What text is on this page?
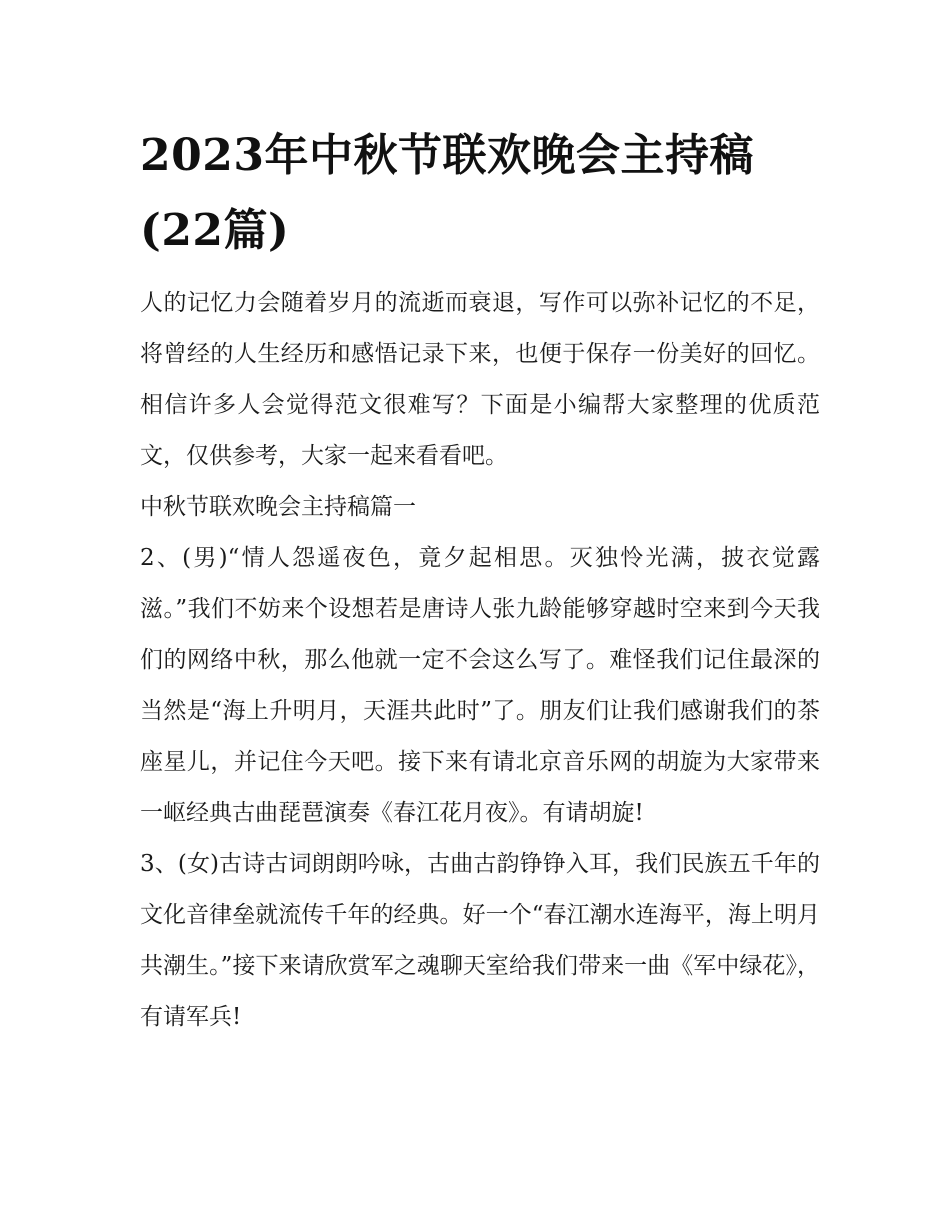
2023年中秋节联欢晚会主持稿(22篇)

人的记忆力会随着岁月的流逝而衰退，写作可以弥补记忆的不足，将曾经的人生经历和感悟记录下来，也便于保存一份美好的回忆。相信许多人会觉得范文很难写？下面是小编帮大家整理的优质范文，仅供参考，大家一起来看看吧。

中秋节联欢晚会主持稿篇一

2、(男)“情人怨遥夜色，竟夕起相思。灭独怜光满，披衣觉露滋。”我们不妨来个设想若是唐诗人张九龄能够穿越时空来到今天我们的网络中秋，那么他就一定不会这么写了。难怪我们记住最深的当然是“海上升明月，天涯共此时”了。朋友们让我们感谢我们的茶座星儿，并记住今天吧。接下来有请北京音乐网的胡旋为大家带来一岖经典古曲琵琶演奏《春江花月夜》。有请胡旋!

3、(女)古诗古词朗朗吟咏，古曲古韵铮铮入耳，我们民族五千年的文化音律垒就流传千年的经典。好一个“春江潮水连海平，海上明月共潮生。”接下来请欣赏军之魂聊天室给我们带来一曲《军中绿花》，有请军兵!
